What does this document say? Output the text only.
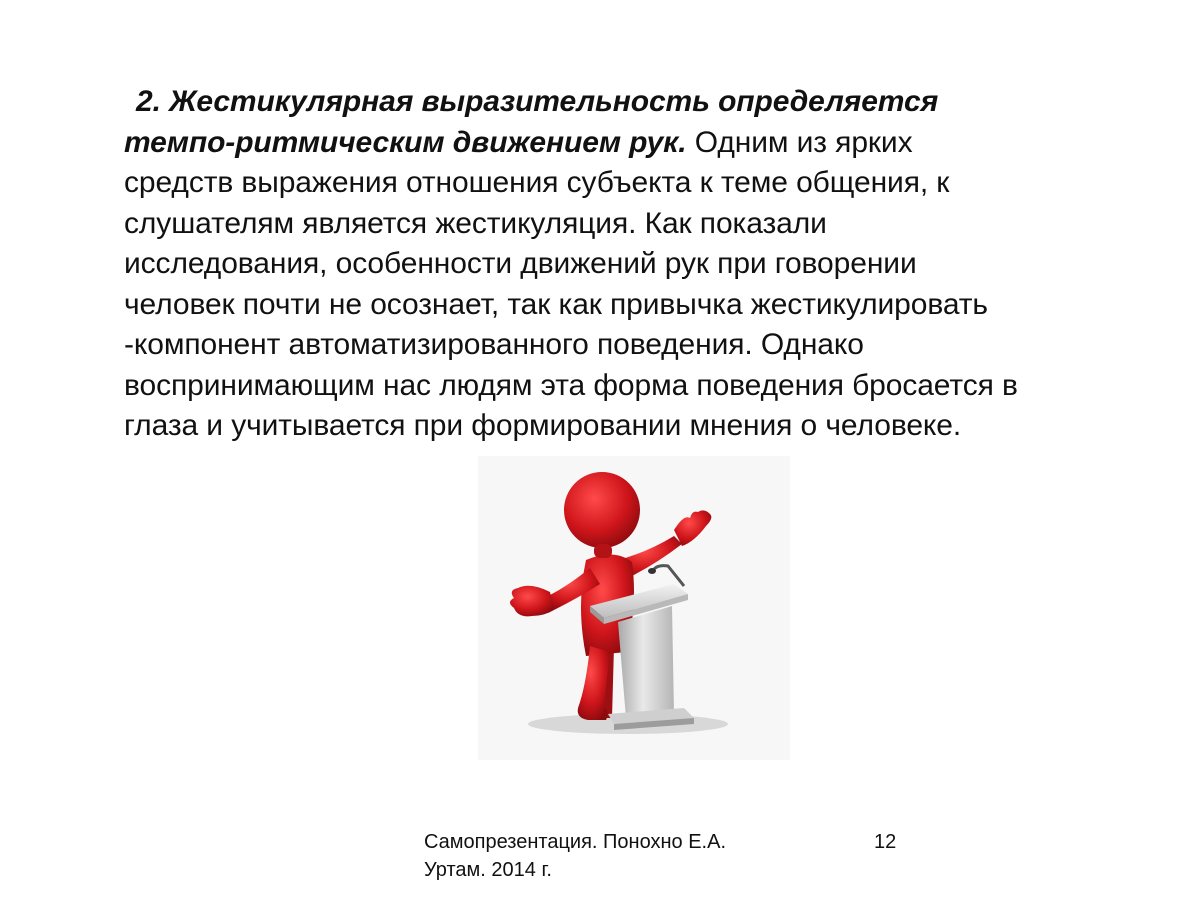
2. Жестикулярная выразительность определяется
темпо-ритмическим движением рук. Одним из ярких
средств выражения отношения субъекта к теме общения, к
слушателям является жестикуляция. Как показали
исследования, особенности движений рук при говорении
человек почти не осознает, так как привычка жестикулировать
-компонент автоматизированного поведения. Однако
воспринимающим нас людям эта форма поведения бросается в
глаза и учитывается при формировании мнения о человеке.
Самопрезентация. Понохно Е.А.
Уртам. 2014 г.
12
